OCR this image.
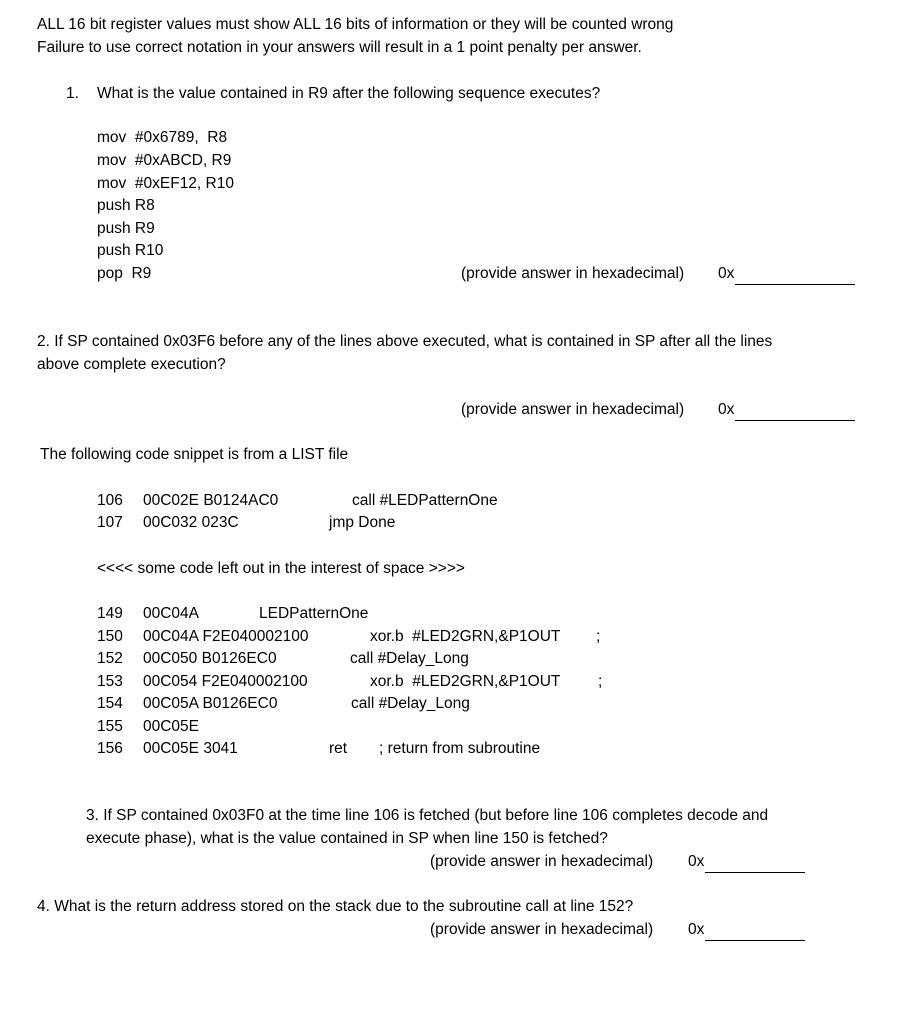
ALL 16 bit register values must show ALL 16 bits of information or they will be counted wrong
Failure to use correct notation in your answers will result in a 1 point penalty per answer.
1. What is the value contained in R9 after the following sequence executes?
mov  #0x6789,  R8
mov  #0xABCD, R9
mov  #0xEF12, R10
push R8
push R9
push R10
pop  R9	(provide answer in hexadecimal) 0x
2. If SP contained 0x03F6 before any of the lines above executed, what is contained in SP after all the lines
above complete execution?
(provide answer in hexadecimal) 0x
The following code snippet is from a LIST file
106 00C02E B0124AC0	call #LEDPatternOne
107 00C032 023C	jmp Done
<<<< some code left out in the interest of space >>>>
149 00C04A	LEDPatternOne
150 00C04A F2E040002100	xor.b  #LED2GRN,&P1OUT ;
152 00C050 B0126EC0	call #Delay_Long
153 00C054 F2E040002100	xor.b  #LED2GRN,&P1OUT ;
154 00C05A B0126EC0	call #Delay_Long
155 00C05E
156 00C05E 3041	ret ; return from subroutine
3. If SP contained 0x03F0 at the time line 106 is fetched (but before line 106 completes decode and
execute phase), what is the value contained in SP when line 150 is fetched?
(provide answer in hexadecimal) 0x
4. What is the return address stored on the stack due to the subroutine call at line 152?
(provide answer in hexadecimal) 0x
